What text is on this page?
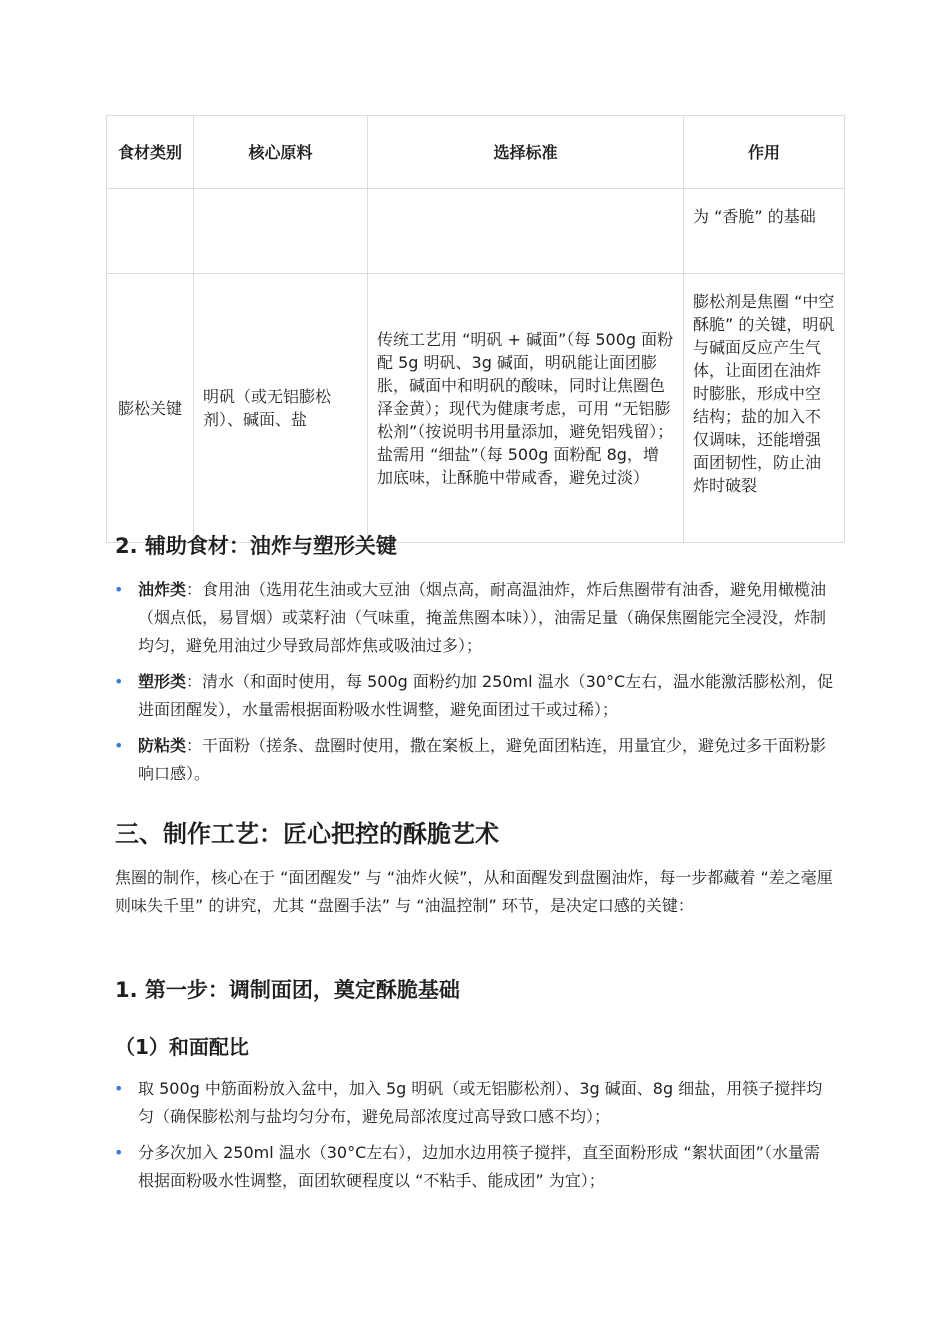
食材类别	核心原料	选择标准	作用
			为 “香脆” 的基础
膨松关键	明矾（或无铝膨松剂）、碱面、盐	传统工艺用 “明矾 + 碱面”（每 500g 面粉配 5g 明矾、3g 碱面，明矾能让面团膨胀，碱面中和明矾的酸味，同时让焦圈色泽金黄）；现代为健康考虑，可用 “无铝膨松剂”（按说明书用量添加，避免铝残留）；盐需用 “细盐”（每 500g 面粉配 8g，增加底味，让酥脆中带咸香，避免过淡）	膨松剂是焦圈 “中空酥脆” 的关键，明矾与碱面反应产生气体，让面团在油炸时膨胀，形成中空结构；盐的加入不仅调味，还能增强面团韧性，防止油炸时破裂
2. 辅助食材：油炸与塑形关键
• 油炸类：食用油（选用花生油或大豆油（烟点高，耐高温油炸，炸后焦圈带有油香，避免用橄榄油（烟点低，易冒烟）或菜籽油（气味重，掩盖焦圈本味）），油需足量（确保焦圈能完全浸没，炸制均匀，避免用油过少导致局部炸焦或吸油过多）；
• 塑形类：清水（和面时使用，每 500g 面粉约加 250ml 温水（30°C左右，温水能激活膨松剂，促进面团醒发），水量需根据面粉吸水性调整，避免面团过干或过稀）；
• 防粘类：干面粉（搓条、盘圈时使用，撒在案板上，避免面团粘连，用量宜少，避免过多干面粉影响口感）。
三、制作工艺：匠心把控的酥脆艺术

焦圈的制作，核心在于 “面团醒发” 与 “油炸火候”，从和面醒发到盘圈油炸，每一步都藏着 “差之毫厘则味失千里” 的讲究，尤其 “盘圈手法” 与 “油温控制” 环节，是决定口感的关键：

1. 第一步：调制面团，奠定酥脆基础
（1）和面配比
• 取 500g 中筋面粉放入盆中，加入 5g 明矾（或无铝膨松剂）、3g 碱面、8g 细盐，用筷子搅拌均匀（确保膨松剂与盐均匀分布，避免局部浓度过高导致口感不均）；
• 分多次加入 250ml 温水（30°C左右），边加水边用筷子搅拌，直至面粉形成 “絮状面团”（水量需根据面粉吸水性调整，面团软硬程度以 “不粘手、能成团” 为宜）；
